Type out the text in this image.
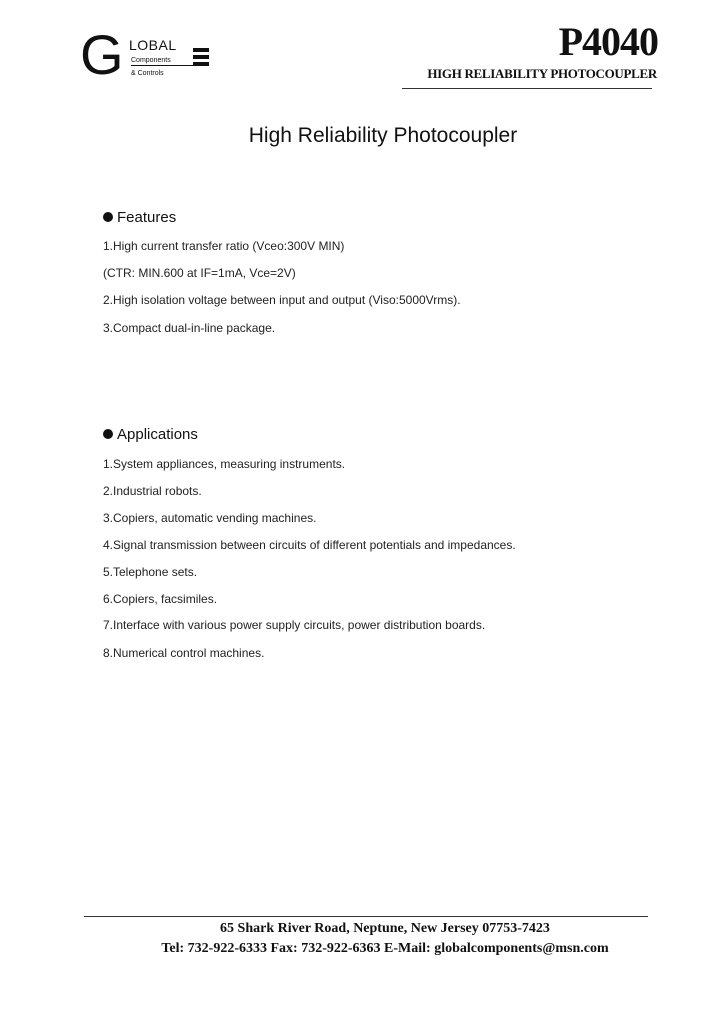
G LOBAL
Components
& Controls
P4040
HIGH RELIABILITY PHOTOCOUPLER
High Reliability Photocoupler
Features
1.High current transfer ratio (Vceo:300V MIN)
(CTR: MIN.600 at IF=1mA, Vce=2V)
2.High isolation voltage between input and output (Viso:5000Vrms).
3.Compact dual-in-line package.
Applications
1.System appliances, measuring instruments.
2.Industrial robots.
3.Copiers, automatic vending machines.
4.Signal transmission between circuits of different potentials and impedances.
5.Telephone sets.
6.Copiers, facsimiles.
7.Interface with various power supply circuits, power distribution boards.
8.Numerical control machines.
65 Shark River Road, Neptune, New Jersey 07753-7423
Tel: 732-922-6333 Fax: 732-922-6363 E-Mail: globalcomponents@msn.com
